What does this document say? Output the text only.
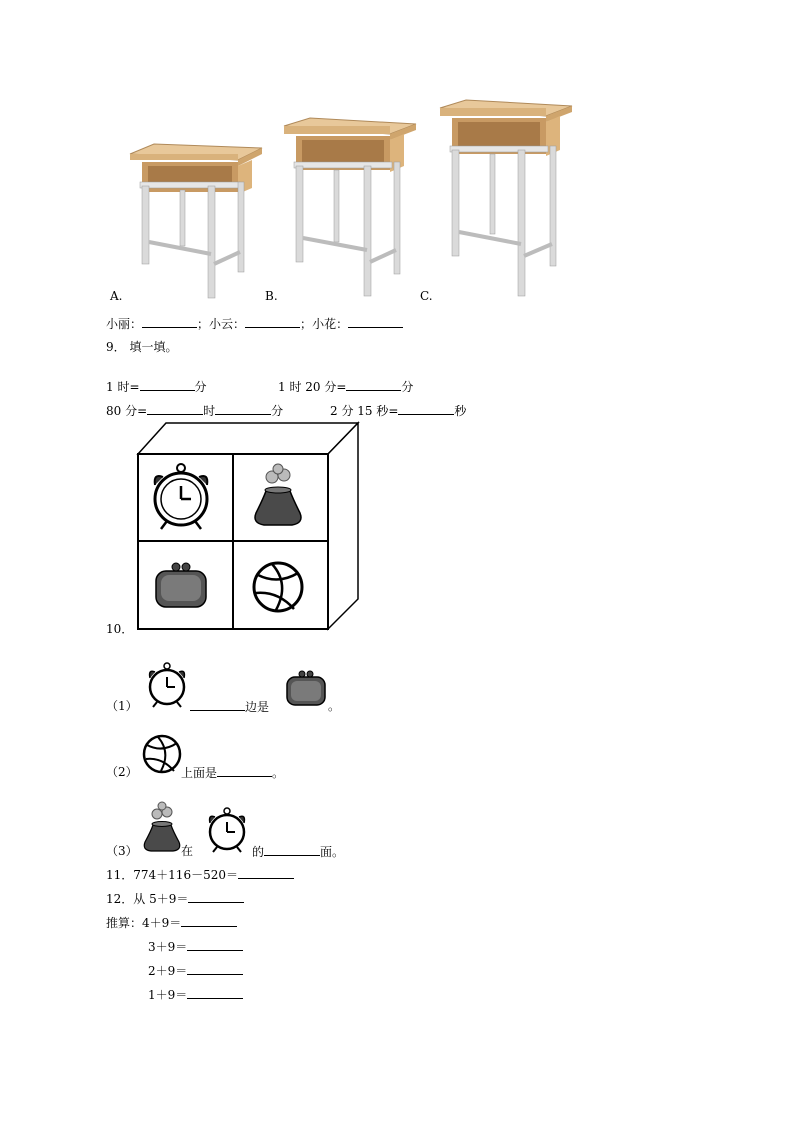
A.	B.	C.
小丽：	；小云：	；小花：
9． 填一填。
1 时=	分	1 时 20 分=	分
80 分=	时	分	2 分 15 秒=	秒
10．
（1）	边是	。
（2）	上面是	。
（3）	在	的	面。
11．774＋116－520＝
12．从 5＋9＝
推算：4＋9＝
3＋9＝
2＋9＝
1＋9＝
